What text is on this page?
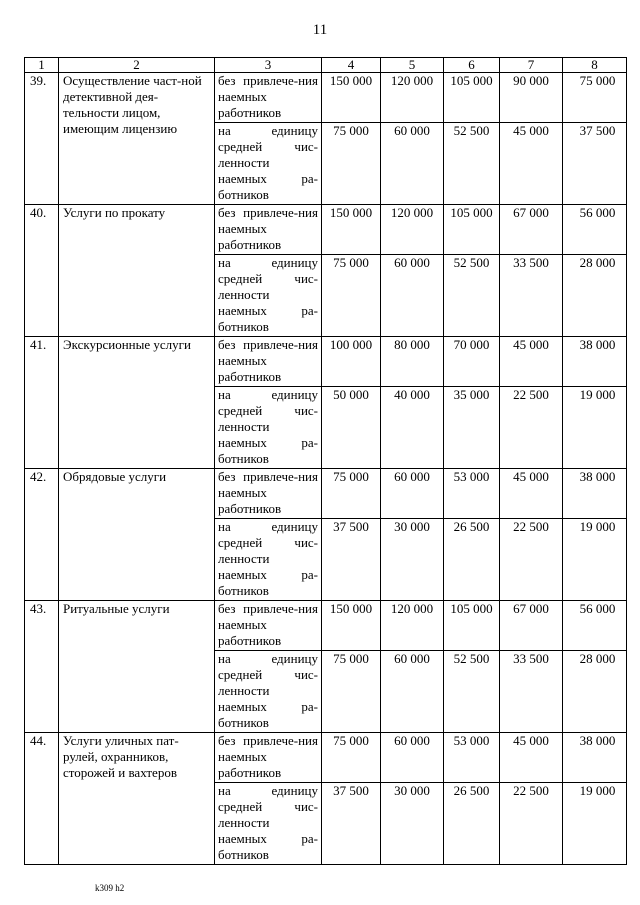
11
1	2	3	4	5	6	7	8
39.	Осуществление част-ной детективной дея-тельности лицом, имеющим лицензию	без привлече-ния наемных работников	150 000	120 000	105 000	90 000	75 000
		на единицу средней чис-ленности наемных ра-ботников	75 000	60 000	52 500	45 000	37 500
40.	Услуги по прокату	без привлече-ния наемных работников	150 000	120 000	105 000	67 000	56 000
		на единицу средней чис-ленности наемных ра-ботников	75 000	60 000	52 500	33 500	28 000
41.	Экскурсионные услуги	без привлече-ния наемных работников	100 000	80 000	70 000	45 000	38 000
		на единицу средней чис-ленности наемных ра-ботников	50 000	40 000	35 000	22 500	19 000
42.	Обрядовые услуги	без привлече-ния наемных работников	75 000	60 000	53 000	45 000	38 000
		на единицу средней чис-ленности наемных ра-ботников	37 500	30 000	26 500	22 500	19 000
43.	Ритуальные услуги	без привлече-ния наемных работников	150 000	120 000	105 000	67 000	56 000
		на единицу средней чис-ленности наемных ра-ботников	75 000	60 000	52 500	33 500	28 000
44.	Услуги уличных пат-рулей, охранников, сторожей и вахтеров	без привлече-ния наемных работников	75 000	60 000	53 000	45 000	38 000
		на единицу средней чис-ленности наемных ра-ботников	37 500	30 000	26 500	22 500	19 000
k309 h2
